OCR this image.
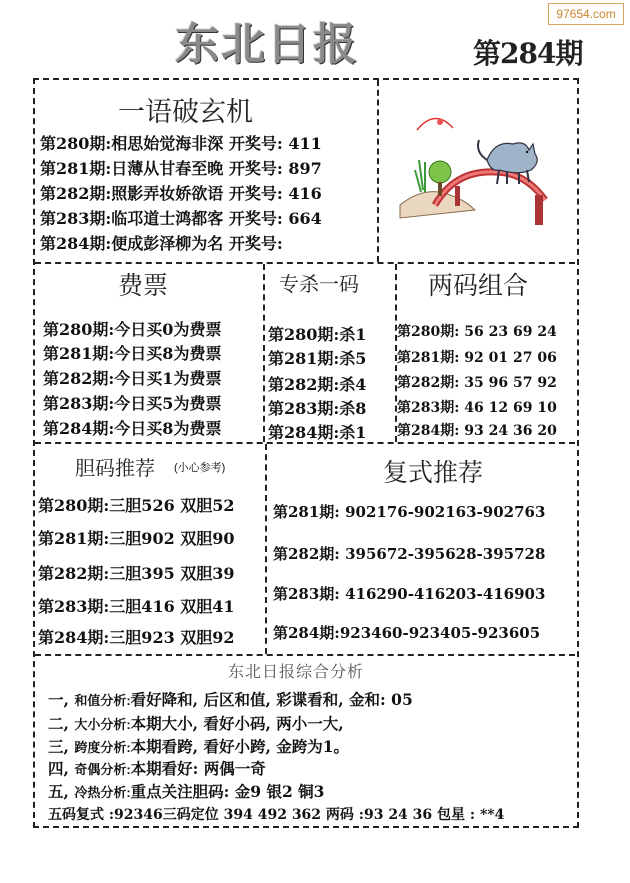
97654.com
东北日报	第284期
一语破玄机
第280期:相思始觉海非深 开奖号: 411
第281期:日薄从甘春至晚 开奖号: 897
第282期:照影弄妆娇欲语 开奖号: 416
第283期:临邛道士鸿都客 开奖号: 664
第284期:便成彭泽柳为名 开奖号:
费票
第280期:今日买0为费票
第281期:今日买8为费票
第282期:今日买1为费票
第283期:今日买5为费票
第284期:今日买8为费票
专杀一码
第280期:杀1
第281期:杀5
第282期:杀4
第283期:杀8
第284期:杀1
两码组合
第280期: 56 23 69 24
第281期: 92 01 27 06
第282期: 35 96 57 92
第283期: 46 12 69 10
第284期: 93 24 36 20
胆码推荐 (小心参考)
第280期:三胆526 双胆52
第281期:三胆902 双胆90
第282期:三胆395 双胆39
第283期:三胆416 双胆41
第284期:三胆923 双胆92
复式推荐
第281期: 902176-902163-902763
第282期: 395672-395628-395728
第283期: 416290-416203-416903
第284期:923460-923405-923605
东北日报综合分析
一, 和值分析:看好降和, 后区和值, 彩谍看和, 金和: 05
二, 大小分析:本期大小, 看好小码, 两小一大,
三, 跨度分析:本期看跨, 看好小跨, 金跨为1。
四, 奇偶分析:本期看好: 两偶一奇
五, 冷热分析:重点关注胆码: 金9 银2 铜3
五码复式 :92346三码定位 394 492 362 两码 :93 24 36 包星 : **4
